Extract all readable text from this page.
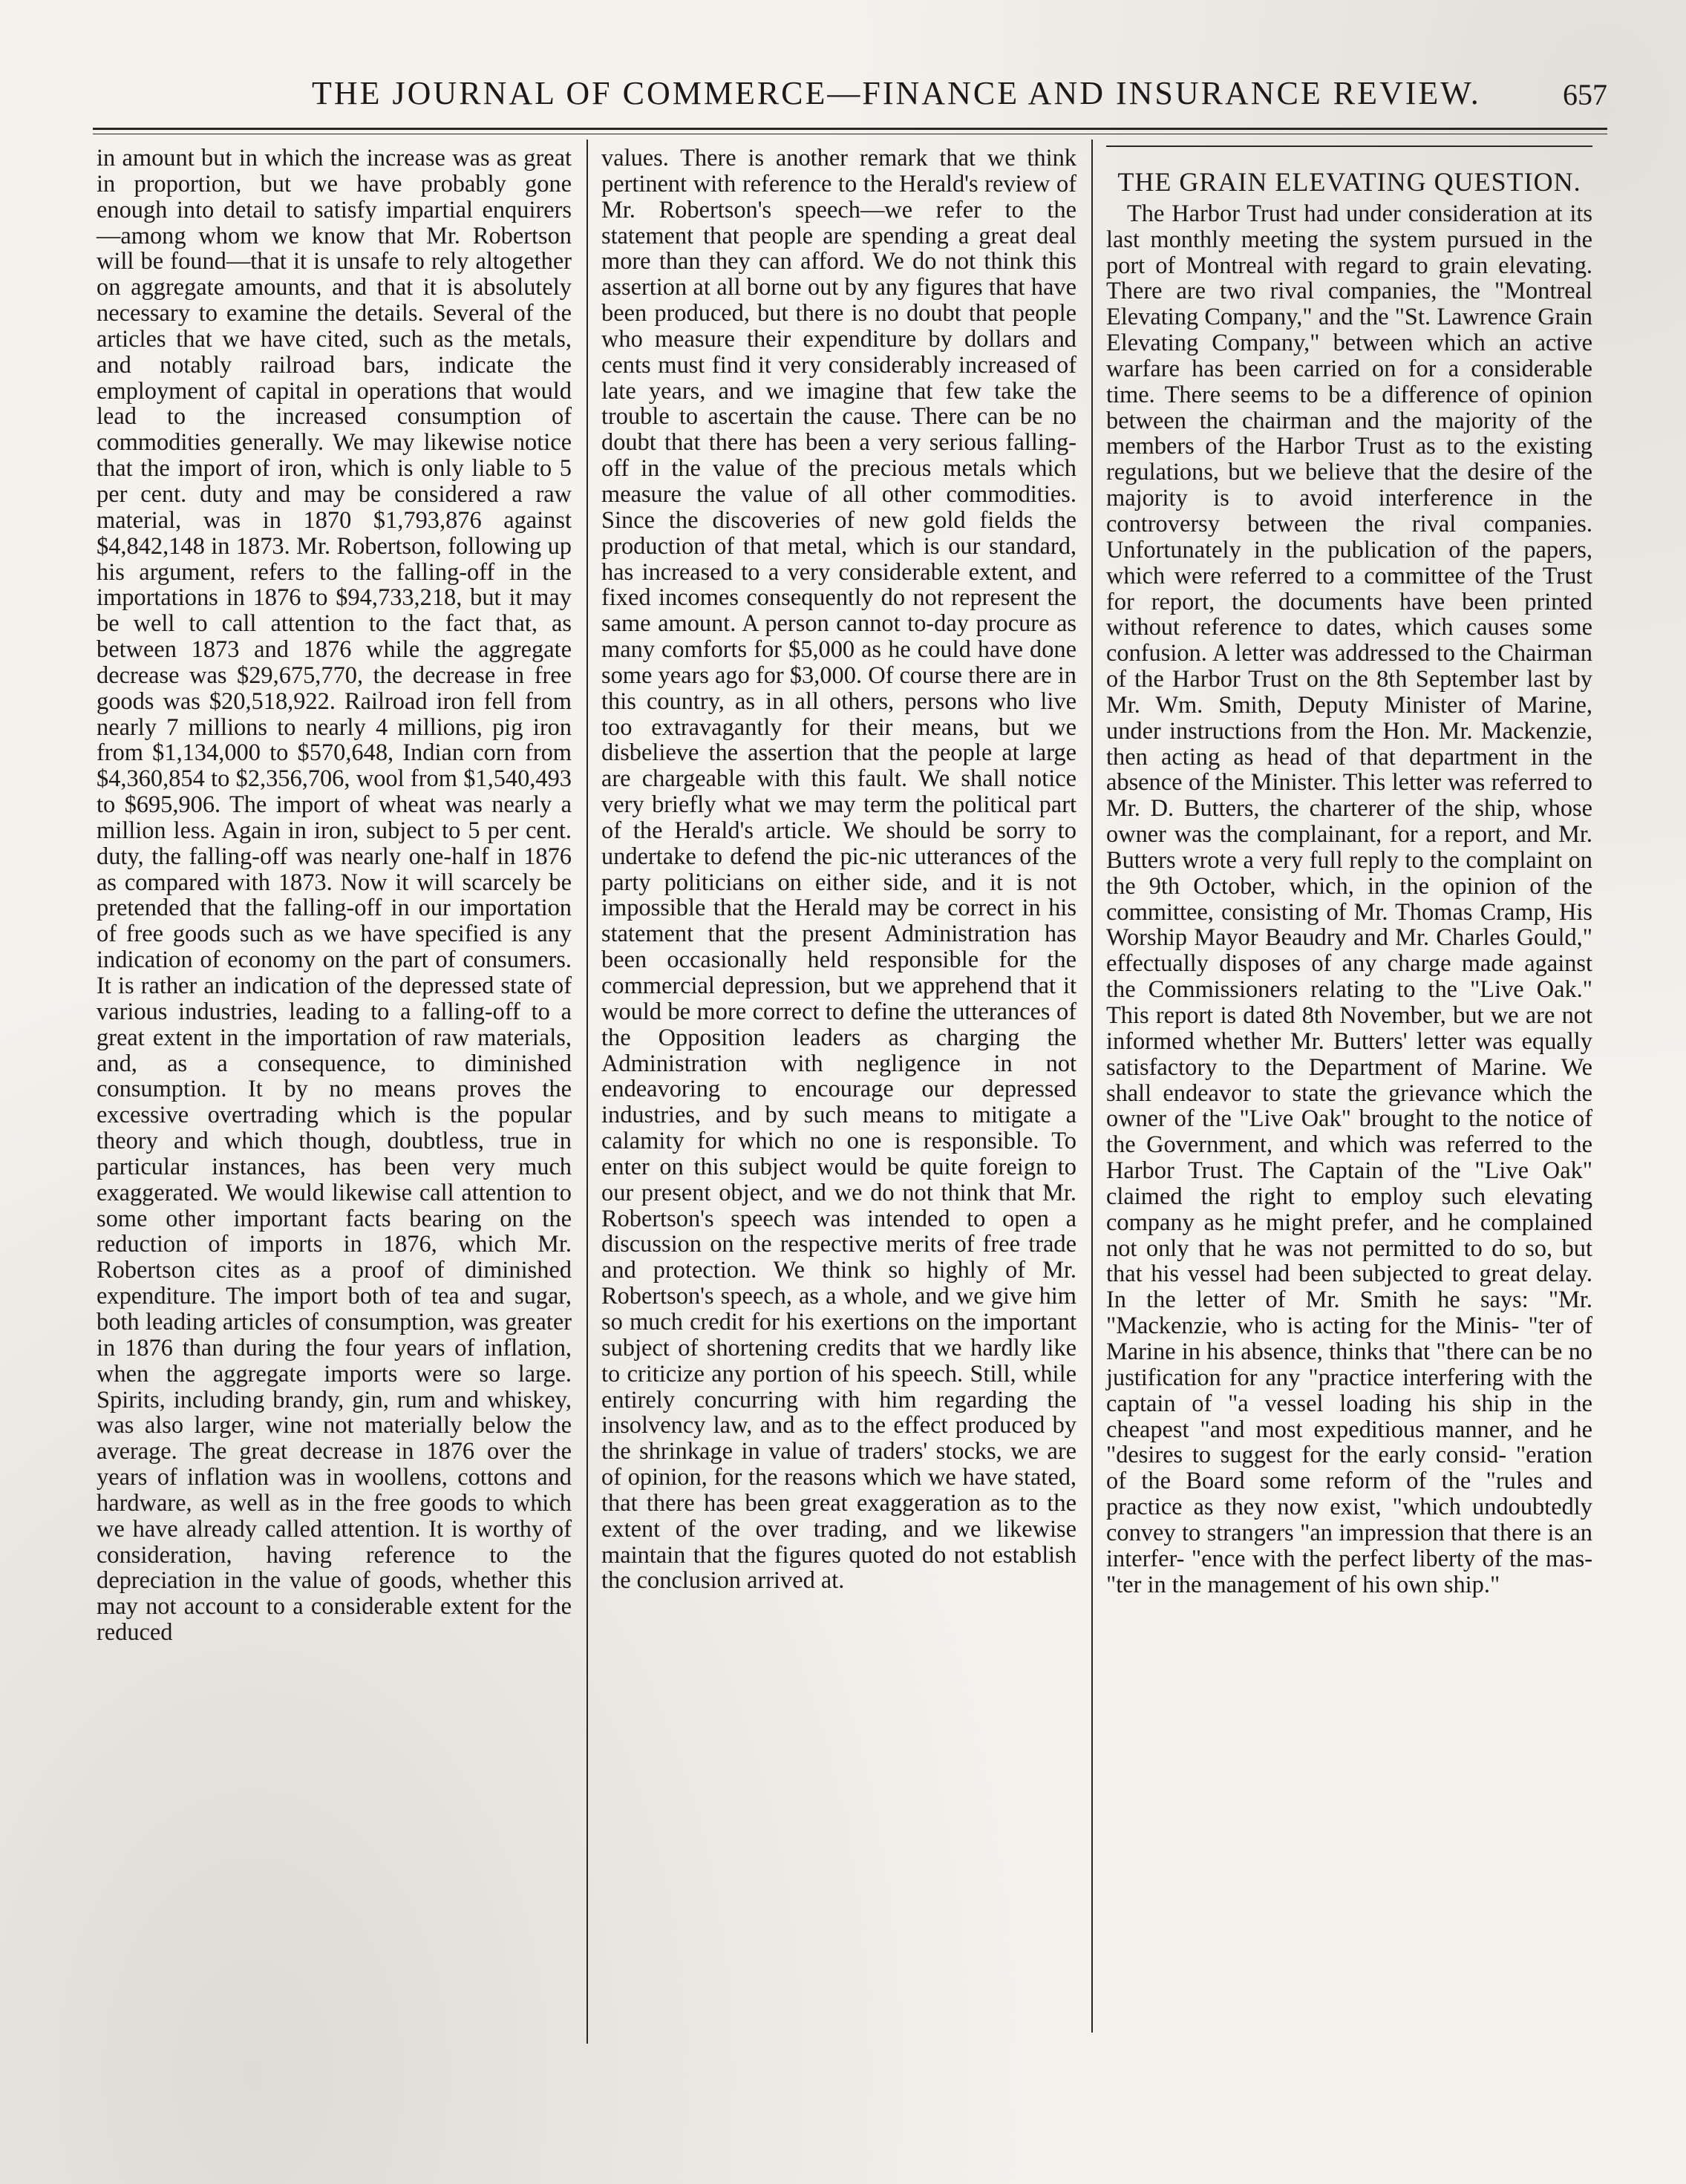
THE JOURNAL OF COMMERCE—FINANCE AND INSURANCE REVIEW.	657

in amount but in which the increase was as great in proportion, but we have probably gone enough into detail to satisfy impartial enquirers—among whom we know that Mr. Robertson will be found—that it is unsafe to rely altogether on aggregate amounts, and that it is absolutely necessary to examine the details. Several of the articles that we have cited, such as the metals, and notably railroad bars, indicate the employment of capital in operations that would lead to the increased consumption of commodities generally. We may likewise notice that the import of iron, which is only liable to 5 per cent. duty and may be considered a raw material, was in 1870 $1,793,876 against $4,842,148 in 1873. Mr. Robertson, following up his argument, refers to the falling-off in the importations in 1876 to $94,733,218, but it may be well to call attention to the fact that, as between 1873 and 1876 while the aggregate decrease was $29,675,770, the decrease in free goods was $20,518,922. Railroad iron fell from nearly 7 millions to nearly 4 millions, pig iron from $1,134,000 to $570,648, Indian corn from $4,360,854 to $2,356,706, wool from $1,540,493 to $695,906. The import of wheat was nearly a million less. Again in iron, subject to 5 per cent. duty, the falling-off was nearly one-half in 1876 as compared with 1873. Now it will scarcely be pretended that the falling-off in our importation of free goods such as we have specified is any indication of economy on the part of consumers. It is rather an indication of the depressed state of various industries, leading to a falling-off to a great extent in the importation of raw materials, and, as a consequence, to diminished consumption. It by no means proves the excessive overtrading which is the popular theory and which though, doubtless, true in particular instances, has been very much exaggerated. We would likewise call attention to some other important facts bearing on the reduction of imports in 1876, which Mr. Robertson cites as a proof of diminished expenditure. The import both of tea and sugar, both leading articles of consumption, was greater in 1876 than during the four years of inflation, when the aggregate imports were so large. Spirits, including brandy, gin, rum and whiskey, was also larger, wine not materially below the average. The great decrease in 1876 over the years of inflation was in woollens, cottons and hardware, as well as in the free goods to which we have already called attention. It is worthy of consideration, having reference to the depreciation in the value of goods, whether this may not account to a considerable extent for the reduced

values. There is another remark that we think pertinent with reference to the Herald's review of Mr. Robertson's speech—we refer to the statement that people are spending a great deal more than they can afford. We do not think this assertion at all borne out by any figures that have been produced, but there is no doubt that people who measure their expenditure by dollars and cents must find it very considerably increased of late years, and we imagine that few take the trouble to ascertain the cause. There can be no doubt that there has been a very serious falling-off in the value of the precious metals which measure the value of all other commodities. Since the discoveries of new gold fields the production of that metal, which is our standard, has increased to a very considerable extent, and fixed incomes consequently do not represent the same amount. A person cannot to-day procure as many comforts for $5,000 as he could have done some years ago for $3,000. Of course there are in this country, as in all others, persons who live too extravagantly for their means, but we disbelieve the assertion that the people at large are chargeable with this fault. We shall notice very briefly what we may term the political part of the Herald's article. We should be sorry to undertake to defend the pic-nic utterances of the party politicians on either side, and it is not impossible that the Herald may be correct in his statement that the present Administration has been occasionally held responsible for the commercial depression, but we apprehend that it would be more correct to define the utterances of the Opposition leaders as charging the Administration with negligence in not endeavoring to encourage our depressed industries, and by such means to mitigate a calamity for which no one is responsible. To enter on this subject would be quite foreign to our present object, and we do not think that Mr. Robertson's speech was intended to open a discussion on the respective merits of free trade and protection. We think so highly of Mr. Robertson's speech, as a whole, and we give him so much credit for his exertions on the important subject of shortening credits that we hardly like to criticize any portion of his speech. Still, while entirely concurring with him regarding the insolvency law, and as to the effect produced by the shrinkage in value of traders' stocks, we are of opinion, for the reasons which we have stated, that there has been great exaggeration as to the extent of the over trading, and we likewise maintain that the figures quoted do not establish the conclusion arrived at.

THE GRAIN ELEVATING QUESTION.

The Harbor Trust had under consideration at its last monthly meeting the system pursued in the port of Montreal with regard to grain elevating. There are two rival companies, the "Montreal Elevating Company," and the "St. Lawrence Grain Elevating Company," between which an active warfare has been carried on for a considerable time. There seems to be a difference of opinion between the chairman and the majority of the members of the Harbor Trust as to the existing regulations, but we believe that the desire of the majority is to avoid interference in the controversy between the rival companies. Unfortunately in the publication of the papers, which were referred to a committee of the Trust for report, the documents have been printed without reference to dates, which causes some confusion. A letter was addressed to the Chairman of the Harbor Trust on the 8th September last by Mr. Wm. Smith, Deputy Minister of Marine, under instructions from the Hon. Mr. Mackenzie, then acting as head of that department in the absence of the Minister. This letter was referred to Mr. D. Butters, the charterer of the ship, whose owner was the complainant, for a report, and Mr. Butters wrote a very full reply to the complaint on the 9th October, which, in the opinion of the committee, consisting of Mr. Thomas Cramp, His Worship Mayor Beaudry and Mr. Charles Gould," effectually disposes of any charge made against the Commissioners relating to the "Live Oak." This report is dated 8th November, but we are not informed whether Mr. Butters' letter was equally satisfactory to the Department of Marine. We shall endeavor to state the grievance which the owner of the "Live Oak" brought to the notice of the Government, and which was referred to the Harbor Trust. The Captain of the "Live Oak" claimed the right to employ such elevating company as he might prefer, and he complained not only that he was not permitted to do so, but that his vessel had been subjected to great delay. In the letter of Mr. Smith he says: "Mr. "Mackenzie, who is acting for the Minis- "ter of Marine in his absence, thinks that "there can be no justification for any "practice interfering with the captain of "a vessel loading his ship in the cheapest "and most expeditious manner, and he "desires to suggest for the early consid- "eration of the Board some reform of the "rules and practice as they now exist, "which undoubtedly convey to strangers "an impression that there is an interfer- "ence with the perfect liberty of the mas- "ter in the management of his own ship."
